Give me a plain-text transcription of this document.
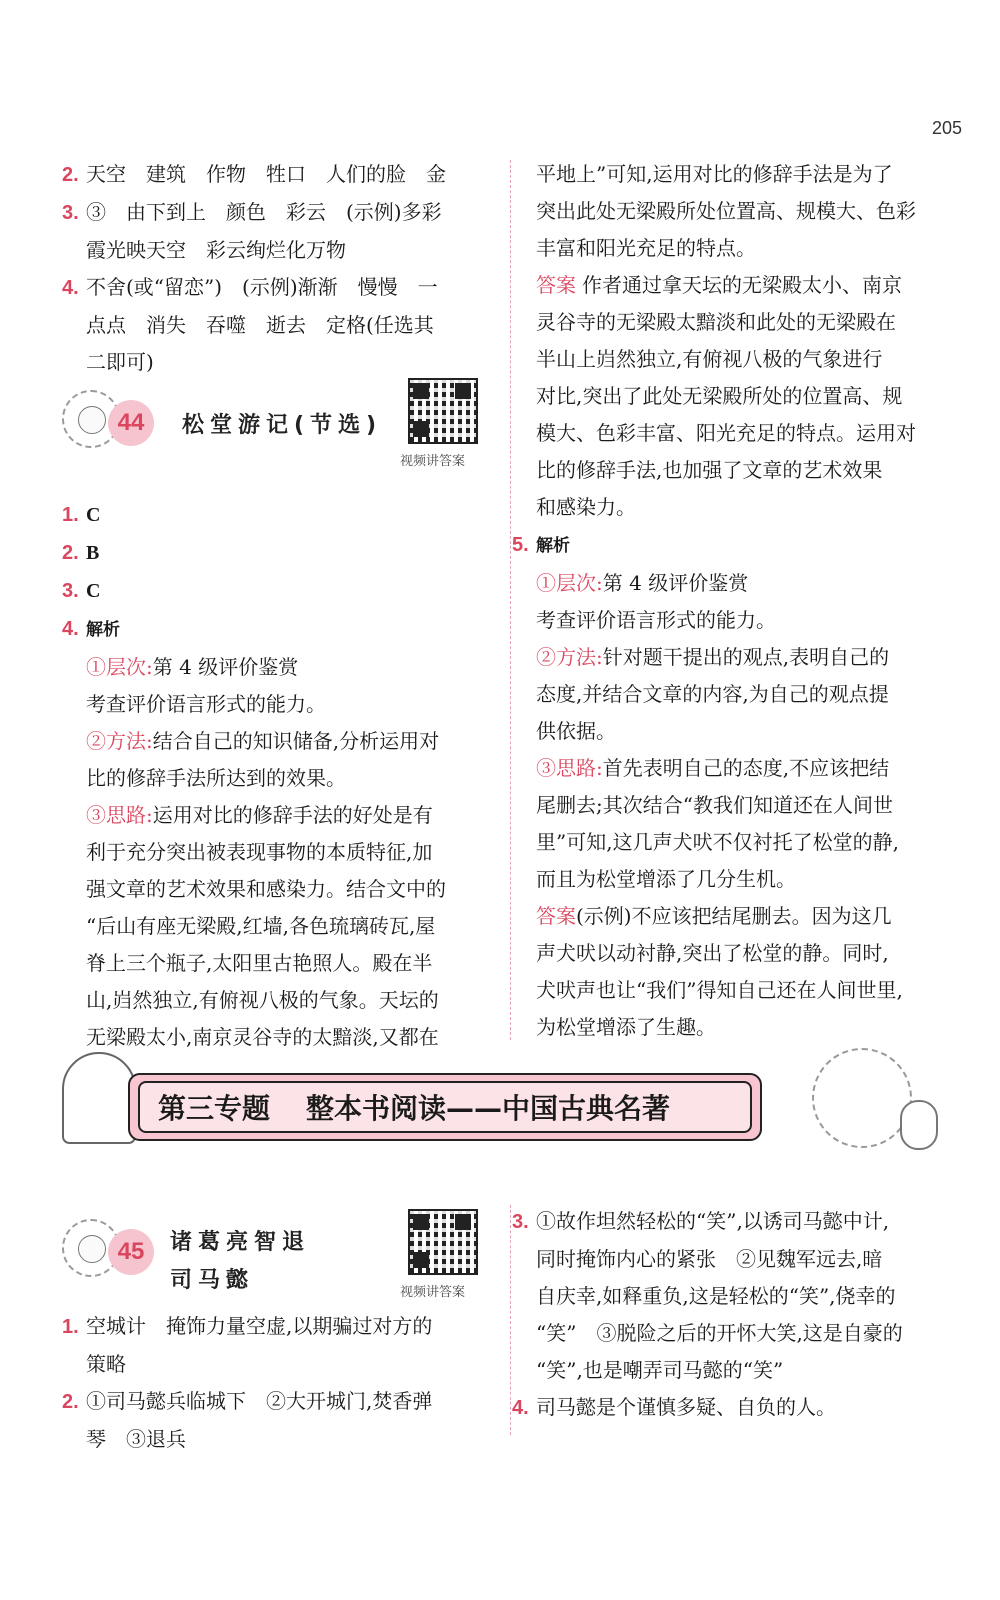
205
2. 天空　建筑　作物　牲口　人们的脸　金
3. ③　由下到上　颜色　彩云　(示例)多彩
霞光映天空　彩云绚烂化万物
4. 不舍(或“留恋”)　(示例)渐渐　慢慢　一
点点　消失　吞噬　逝去　定格(任选其
二即可)
44	松堂游记(节选)
视频讲答案
1. C
2. B
3. C
4. 解析
①层次:第 4 级评价鉴赏
考查评价语言形式的能力。
②方法:结合自己的知识储备,分析运用对
比的修辞手法所达到的效果。
③思路:运用对比的修辞手法的好处是有
利于充分突出被表现事物的本质特征,加
强文章的艺术效果和感染力。结合文中的
“后山有座无梁殿,红墙,各色琉璃砖瓦,屋
脊上三个瓶子,太阳里古艳照人。殿在半
山,岿然独立,有俯视八极的气象。天坛的
无梁殿太小,南京灵谷寺的太黯淡,又都在
平地上”可知,运用对比的修辞手法是为了
突出此处无梁殿所处位置高、规模大、色彩
丰富和阳光充足的特点。
答案 作者通过拿天坛的无梁殿太小、南京
灵谷寺的无梁殿太黯淡和此处的无梁殿在
半山上岿然独立,有俯视八极的气象进行
对比,突出了此处无梁殿所处的位置高、规
模大、色彩丰富、阳光充足的特点。运用对
比的修辞手法,也加强了文章的艺术效果
和感染力。
5. 解析
①层次:第 4 级评价鉴赏
考查评价语言形式的能力。
②方法:针对题干提出的观点,表明自己的
态度,并结合文章的内容,为自己的观点提
供依据。
③思路:首先表明自己的态度,不应该把结
尾删去;其次结合“教我们知道还在人间世
里”可知,这几声犬吠不仅衬托了松堂的静,
而且为松堂增添了几分生机。
答案(示例)不应该把结尾删去。因为这几
声犬吠以动衬静,突出了松堂的静。同时,
犬吠声也让“我们”得知自己还在人间世里,
为松堂增添了生趣。
第三专题 整本书阅读——中国古典名著
45	诸葛亮智退
司马懿	视频讲答案
1. 空城计　掩饰力量空虚,以期骗过对方的
策略
2. ①司马懿兵临城下　②大开城门,焚香弹
琴　③退兵
3. ①故作坦然轻松的“笑”,以诱司马懿中计,
同时掩饰内心的紧张　②见魏军远去,暗
自庆幸,如释重负,这是轻松的“笑”,侥幸的
“笑”　③脱险之后的开怀大笑,这是自豪的
“笑”,也是嘲弄司马懿的“笑”
4. 司马懿是个谨慎多疑、自负的人。
